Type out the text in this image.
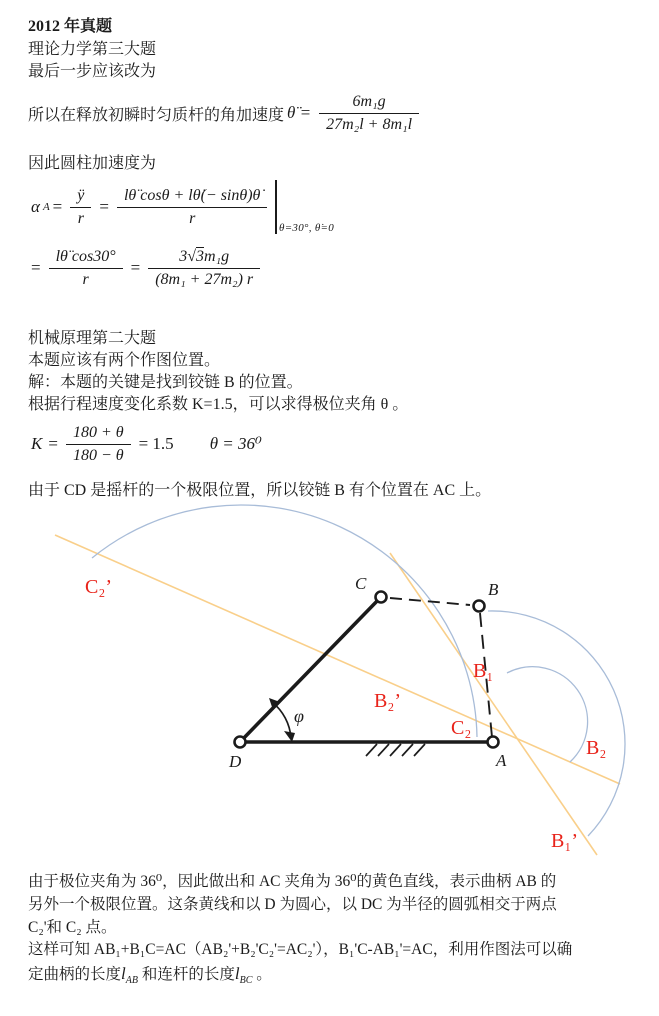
2012 年真题
理论力学第三大题
最后一步应该改为
所以在释放初瞬时匀质杆的角加速度 θ̈ = $\frac{\text{6m₁g}}{\text{27m₂l + 8m₁l}}$
因此圆柱加速度为
α $A = \frac{ÿ}{r} = \frac{l\thetä \cos\theta + l\thetȧ(- \sin\theta)\thetȧ}{r}$
θ=30°, θ̇=0
= $\frac{l\thetä \cos 30^\circ}{r} = \frac{\text{3√3m₁g}}{\text{(8m₁ + 27m₂) r}}$
机械原理第二大题
本题应该有两个作图位置。
解：本题的关键是找到铰链 B 的位置。
根据行程速度变化系数 K=1.5，可以求得极位夹角 θ 。
$K = \frac{180 + \theta}{180 - \theta} = 1.5$ θ = 36⁰
由于 CD 是摇杆的一个极限位置，所以铰链 B 有个位置在 AC 上。
C	B
D	A
φ
C₂’
B₂’
B₁
C₂
B₂
B₁’
由于极位夹角为 36⁰，因此做出和 AC 夹角为 36⁰的黄色直线，表示曲柄 AB 的
另外一个极限位置。这条黄线和以 D 为圆心，以 DC 为半径的圆弧相交于两点
C₂'和 C₂ 点。
这样可知 AB₁+B₁C=AC（AB₂'+B₂'C₂'=AC₂'），B₁'C-AB₁'=AC，利用作图法可以确
定曲柄的长度$l_{AB}$ 和连杆的长度$l_{BC}$ 。
